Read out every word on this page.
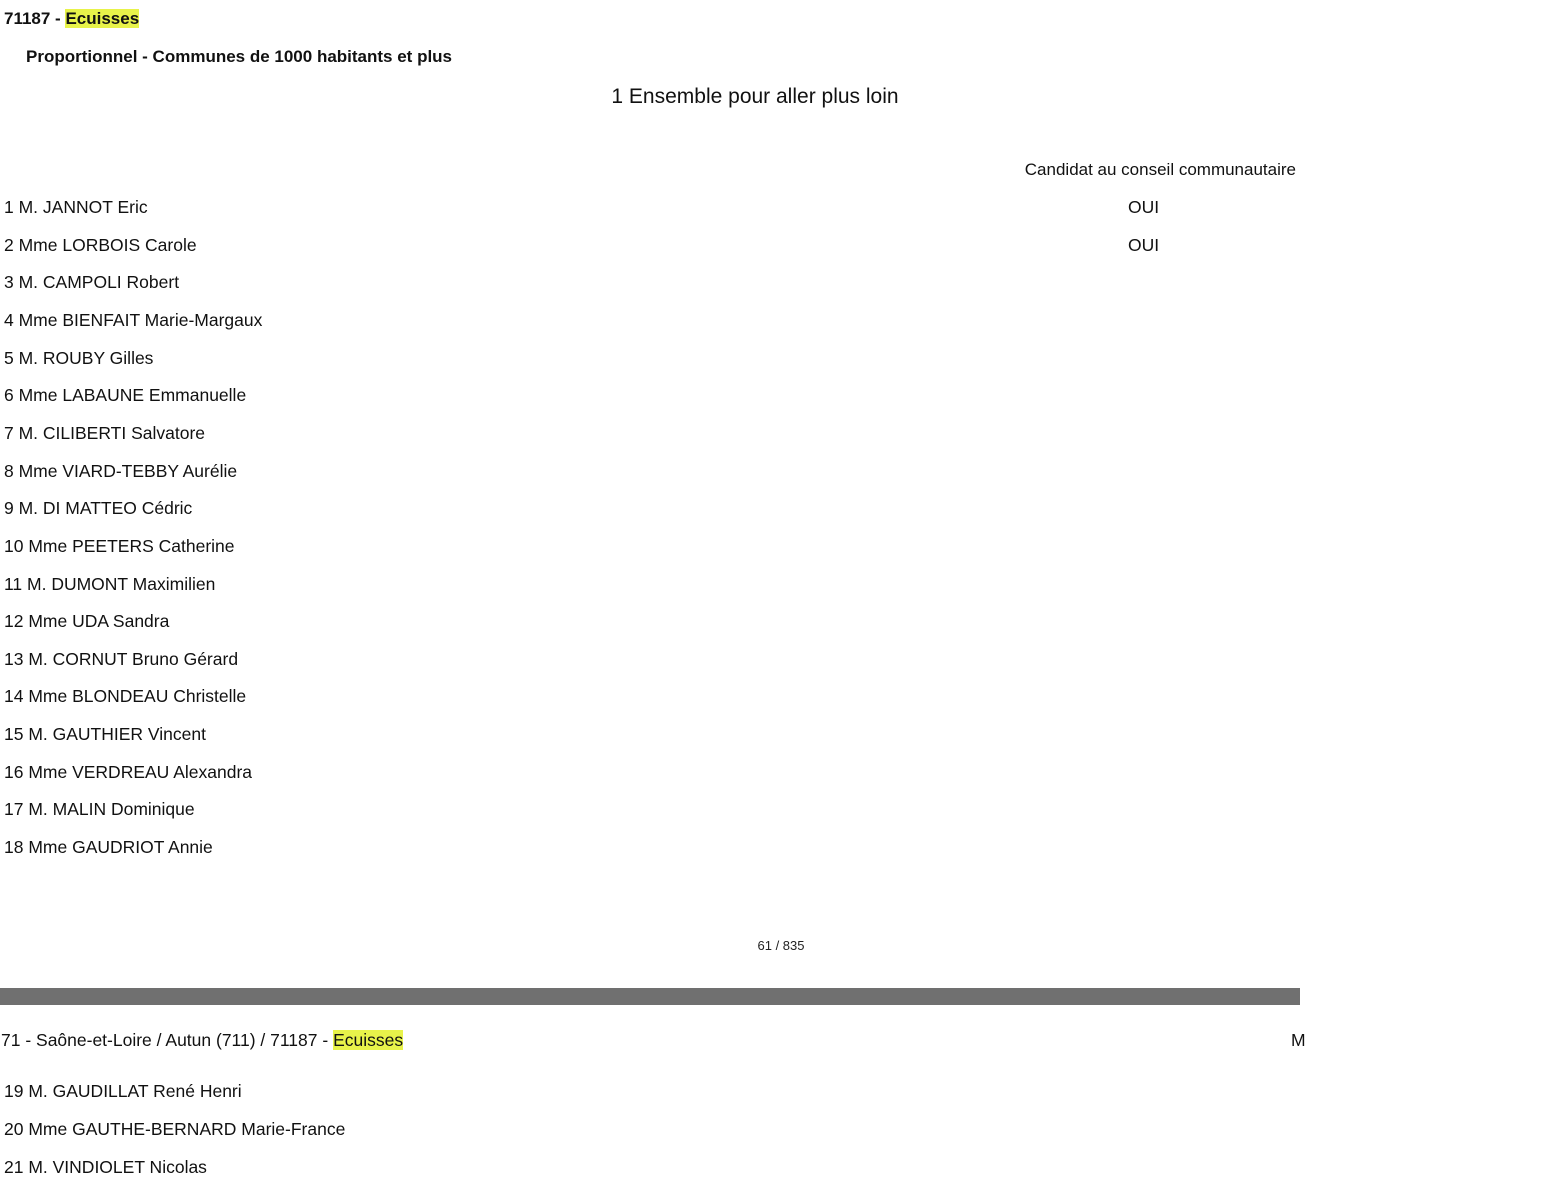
71187 - Ecuisses
Proportionnel - Communes de 1000 habitants et plus
1 Ensemble pour aller plus loin
Candidat au conseil communautaire
1 M. JANNOT Eric	OUI
2 Mme LORBOIS Carole	OUI
3 M. CAMPOLI Robert
4 Mme BIENFAIT Marie-Margaux
5 M. ROUBY Gilles
6 Mme LABAUNE Emmanuelle
7 M. CILIBERTI Salvatore
8 Mme VIARD-TEBBY Aurélie
9 M. DI MATTEO Cédric
10 Mme PEETERS Catherine
11 M. DUMONT Maximilien
12 Mme UDA Sandra
13 M. CORNUT Bruno Gérard
14 Mme BLONDEAU Christelle
15 M. GAUTHIER Vincent
16 Mme VERDREAU Alexandra
17 M. MALIN Dominique
18 Mme GAUDRIOT Annie
61 / 835
71 - Saône-et-Loire / Autun (711) / 71187 - Ecuisses	M
19 M. GAUDILLAT René Henri
20 Mme GAUTHE-BERNARD Marie-France
21 M. VINDIOLET Nicolas
